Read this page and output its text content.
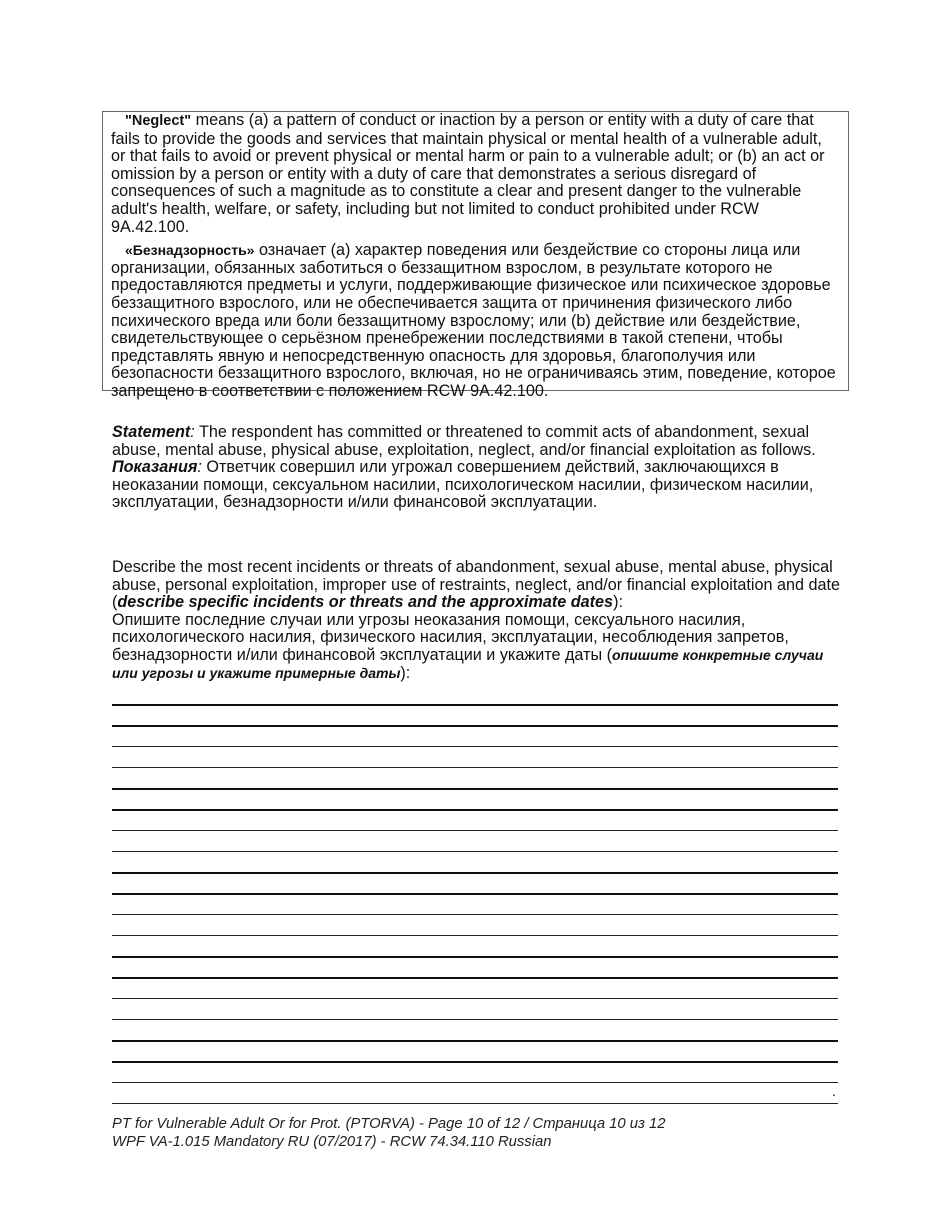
"Neglect" means (a) a pattern of conduct or inaction by a person or entity with a duty of care that fails to provide the goods and services that maintain physical or mental health of a vulnerable adult, or that fails to avoid or prevent physical or mental harm or pain to a vulnerable adult; or (b) an act or omission by a person or entity with a duty of care that demonstrates a serious disregard of consequences of such a magnitude as to constitute a clear and present danger to the vulnerable adult's health, welfare, or safety, including but not limited to conduct prohibited under RCW 9A.42.100.

«Безнадзорность» означает (a) характер поведения или бездействие со стороны лица или организации, обязанных заботиться о беззащитном взрослом, в результате которого не предоставляются предметы и услуги, поддерживающие физическое или психическое здоровье беззащитного взрослого, или не обеспечивается защита от причинения физического либо психического вреда или боли беззащитному взрослому; или (b) действие или бездействие, свидетельствующее о серьёзном пренебрежении последствиями в такой степени, чтобы представлять явную и непосредственную опасность для здоровья, благополучия или безопасности беззащитного взрослого, включая, но не ограничиваясь этим, поведение, которое запрещено в соответствии с положением RCW 9A.42.100.

Statement: The respondent has committed or threatened to commit acts of abandonment, sexual abuse, mental abuse, physical abuse, exploitation, neglect, and/or financial exploitation as follows.

Показания: Ответчик совершил или угрожал совершением действий, заключающихся в неоказании помощи, сексуальном насилии, психологическом насилии, физическом насилии, эксплуатации, безнадзорности и/или финансовой эксплуатации.

Describe the most recent incidents or threats of abandonment, sexual abuse, mental abuse, physical abuse, personal exploitation, improper use of restraints, neglect, and/or financial exploitation and date (describe specific incidents or threats and the approximate dates):

Опишите последние случаи или угрозы неоказания помощи, сексуального насилия, психологического насилия, физического насилия, эксплуатации, несоблюдения запретов, безнадзорности и/или финансовой эксплуатации и укажите даты (опишите конкретные случаи или угрозы и укажите примерные даты):

.
PT for Vulnerable Adult Or for Prot. (PTORVA) - Page 10 of 12 / Страница 10 из 12
WPF VA-1.015 Mandatory RU (07/2017) - RCW 74.34.110 Russian
